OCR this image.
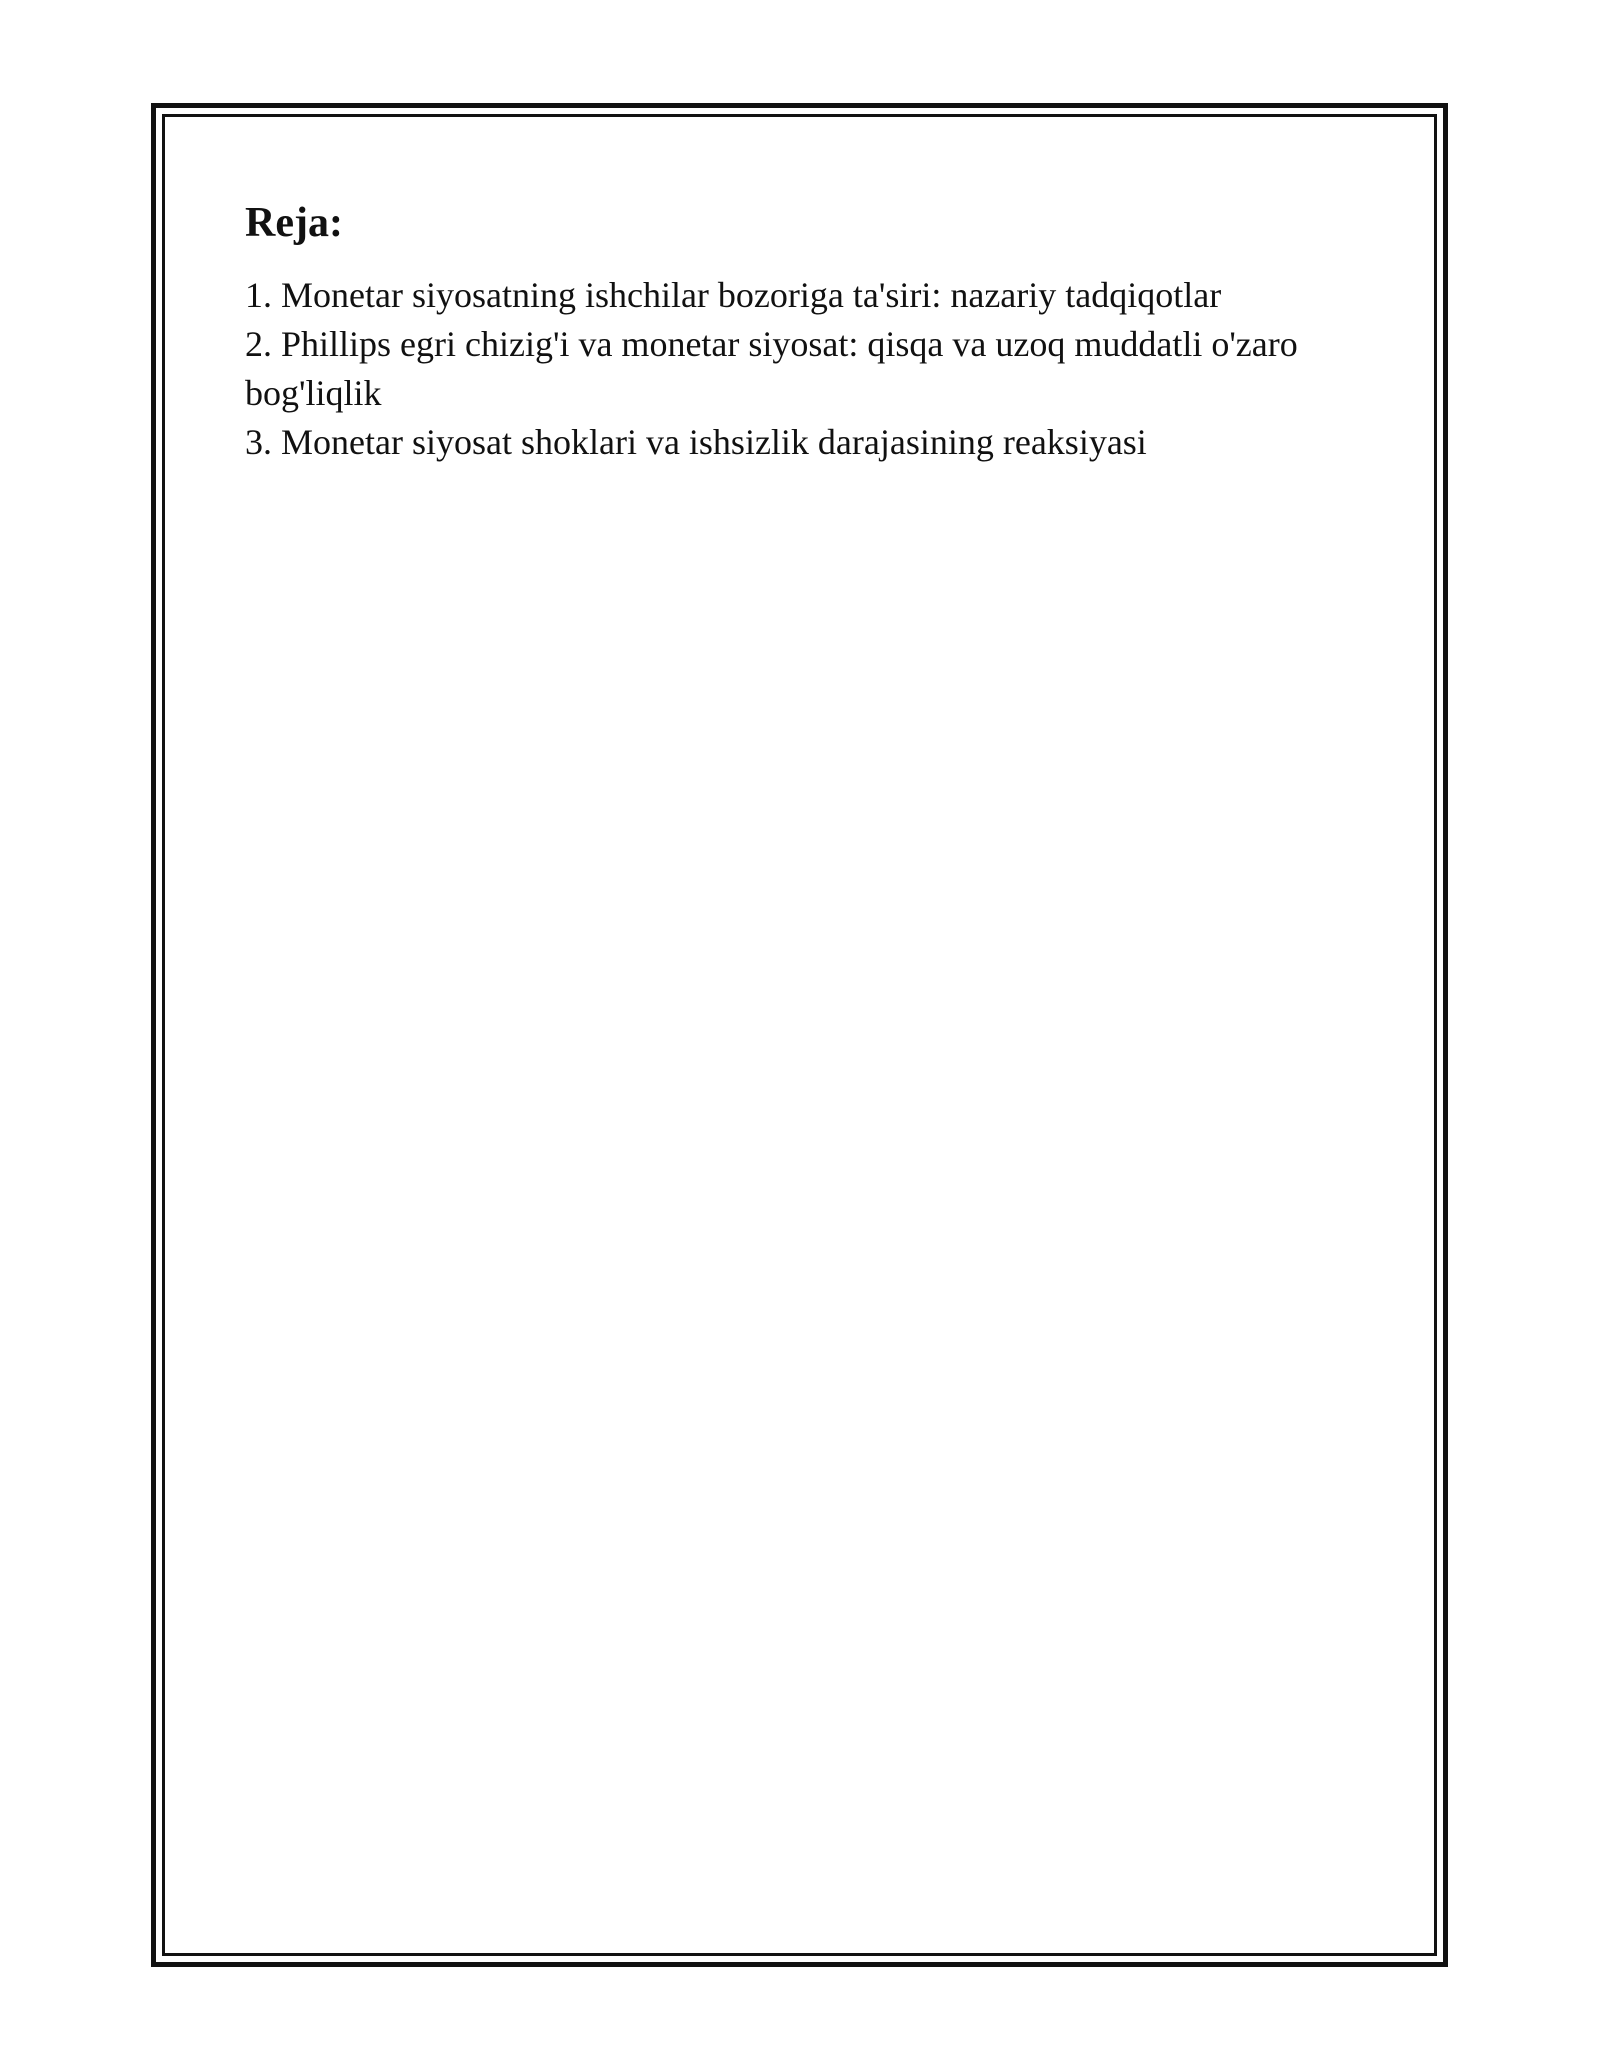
Reja:
1. Monetar siyosatning ishchilar bozoriga ta'siri: nazariy tadqiqotlar
2. Phillips egri chizig'i va monetar siyosat: qisqa va uzoq muddatli o'zaro bog'liqlik
3. Monetar siyosat shoklari va ishsizlik darajasining reaksiyasi
